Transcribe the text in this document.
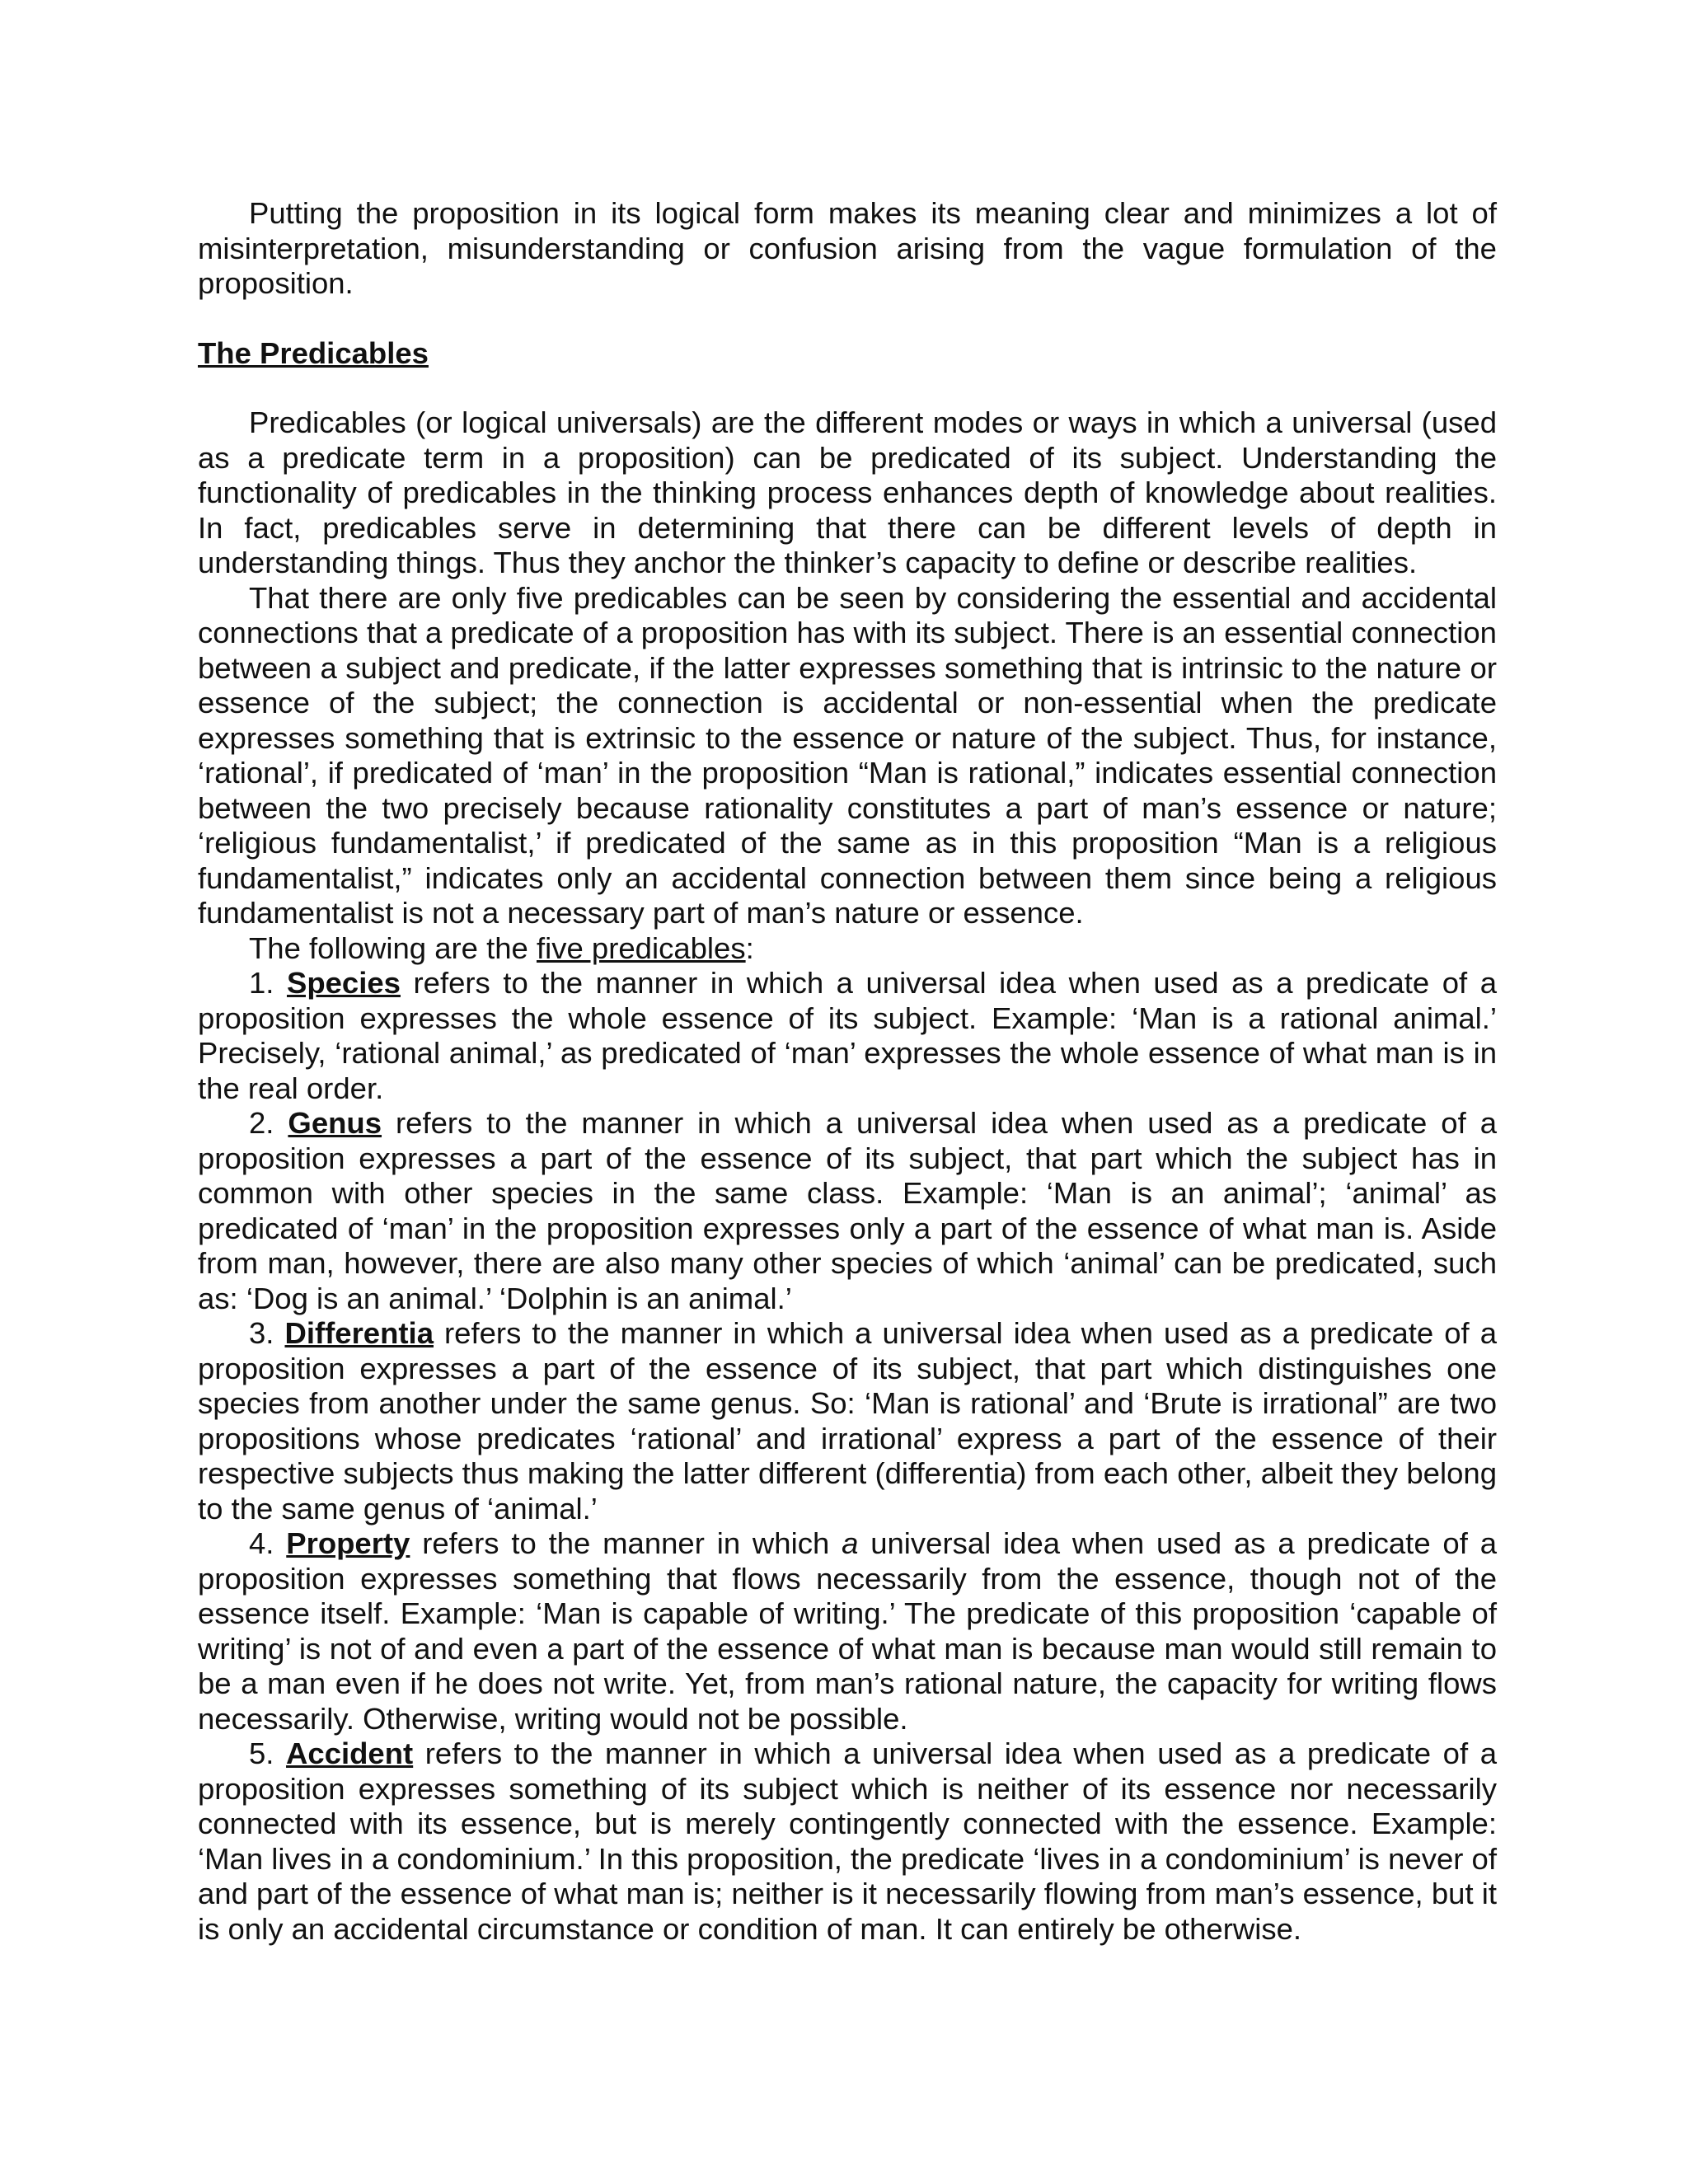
Putting the proposition in its logical form makes its meaning clear and minimizes a lot of misinterpretation, misunderstanding or confusion arising from the vague formulation of the proposition.

The Predicables

Predicables (or logical universals) are the different modes or ways in which a universal (used as a predicate term in a proposition) can be predicated of its subject. Understanding the functionality of predicables in the thinking process enhances depth of knowledge about realities. In fact, predicables serve in determining that there can be different levels of depth in understanding things. Thus they anchor the thinker’s capacity to define or describe realities.

That there are only five predicables can be seen by considering the essential and accidental connections that a predicate of a proposition has with its subject. There is an essential connection between a subject and predicate, if the latter expresses something that is intrinsic to the nature or essence of the subject; the connection is accidental or non-essential when the predicate expresses something that is extrinsic to the essence or nature of the subject. Thus, for instance, ‘rational’, if predicated of ‘man’ in the proposition “Man is rational,” indicates essential connection between the two precisely because rationality constitutes a part of man’s essence or nature; ‘religious fundamentalist,’ if predicated of the same as in this proposition “Man is a religious fundamentalist,” indicates only an accidental connection between them since being a religious fundamentalist is not a necessary part of man’s nature or essence.

The following are the five predicables:

1. Species refers to the manner in which a universal idea when used as a predicate of a proposition expresses the whole essence of its subject. Example: ‘Man is a rational animal.’ Precisely, ‘rational animal,’ as predicated of ‘man’ expresses the whole essence of what man is in the real order.

2. Genus refers to the manner in which a universal idea when used as a predicate of a proposition expresses a part of the essence of its subject, that part which the subject has in common with other species in the same class. Example: ‘Man is an animal’; ‘animal’ as predicated of ‘man’ in the proposition expresses only a part of the essence of what man is. Aside from man, however, there are also many other species of which ‘animal’ can be predicated, such as: ‘Dog is an animal.’ ‘Dolphin is an animal.’

3. Differentia refers to the manner in which a universal idea when used as a predicate of a proposition expresses a part of the essence of its subject, that part which distinguishes one species from another under the same genus. So: ‘Man is rational’ and ‘Brute is irrational” are two propositions whose predicates ‘rational’ and irrational’ express a part of the essence of their respective subjects thus making the latter different (differentia) from each other, albeit they belong to the same genus of ‘animal.’

4. Property refers to the manner in which a universal idea when used as a predicate of a proposition expresses something that flows necessarily from the essence, though not of the essence itself. Example: ‘Man is capable of writing.’ The predicate of this proposition ‘capable of writing’ is not of and even a part of the essence of what man is because man would still remain to be a man even if he does not write. Yet, from man’s rational nature, the capacity for writing flows necessarily. Otherwise, writing would not be possible.

5. Accident refers to the manner in which a universal idea when used as a predicate of a proposition expresses something of its subject which is neither of its essence nor necessarily connected with its essence, but is merely contingently connected with the essence. Example: ‘Man lives in a condominium.’ In this proposition, the predicate ‘lives in a condominium’ is never of and part of the essence of what man is; neither is it necessarily flowing from man’s essence, but it is only an accidental circumstance or condition of man. It can entirely be otherwise.
